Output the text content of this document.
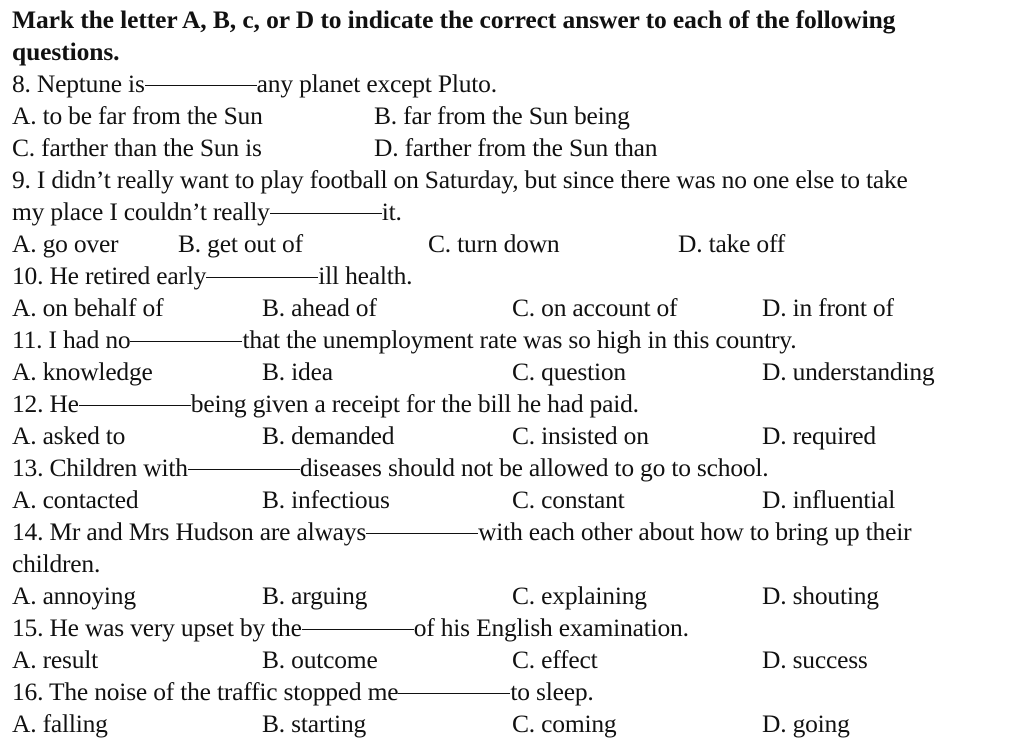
Mark the letter A, B, c, or D to indicate the correct answer to each of the following
questions.
8. Neptune is	any planet except Pluto.
A. to be far from the Sun	B. far from the Sun being
C. farther than the Sun is	D. farther from the Sun than
9. I didn’t really want to play football on Saturday, but since there was no one else to take
my place I couldn’t really	it.
A. go over B. get out of	C. turn down	D. take off
10. He retired early	ill health.
A. on behalf of	B. ahead of	C. on account of	D. in front of
11. I had no	that the unemployment rate was so high in this country.
A. knowledge	B. idea	C. question	D. understanding
12. He	being given a receipt for the bill he had paid.
A. asked to	B. demanded	C. insisted on	D. required
13. Children with	diseases should not be allowed to go to school.
A. contacted	B. infectious	C. constant	D. influential
14. Mr and Mrs Hudson are always	with each other about how to bring up their
children.
A. annoying	B. arguing	C. explaining	D. shouting
15. He was very upset by the	of his English examination.
A. result	B. outcome	C. effect	D. success
16. The noise of the traffic stopped me	to sleep.
A. falling	B. starting	C. coming	D. going
